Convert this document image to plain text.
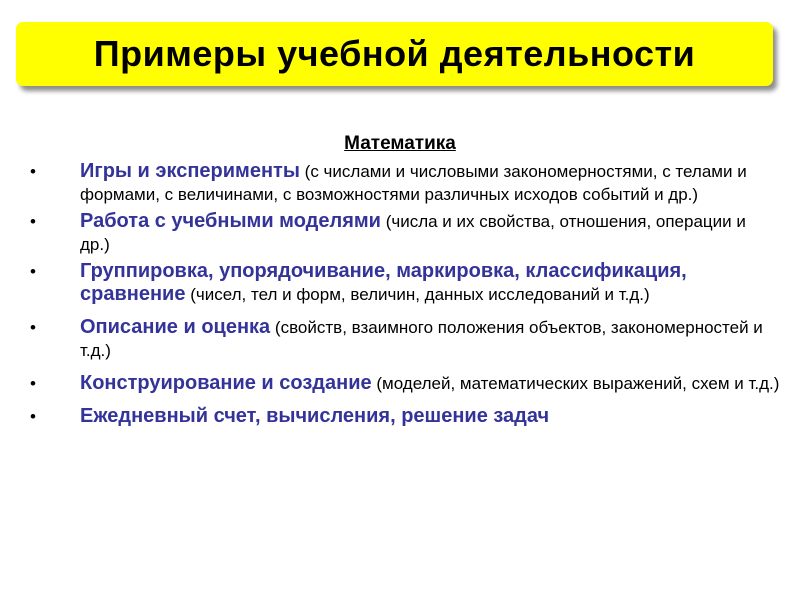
Примеры учебной деятельности
Математика
• Игры и эксперименты (с числами и числовыми закономерностями, с телами и формами, с величинами, с возможностями различных исходов событий и др.)
• Работа с учебными моделями (числа и их свойства, отношения, операции и др.)
• Группировка, упорядочивание, маркировка, классификация, сравнение (чисел, тел и форм, величин, данных исследований и т.д.)
• Описание и оценка (свойств, взаимного положения объектов, закономерностей и т.д.)
• Конструирование и создание (моделей, математических выражений, схем и т.д.)
• Ежедневный счет, вычисления, решение задач
